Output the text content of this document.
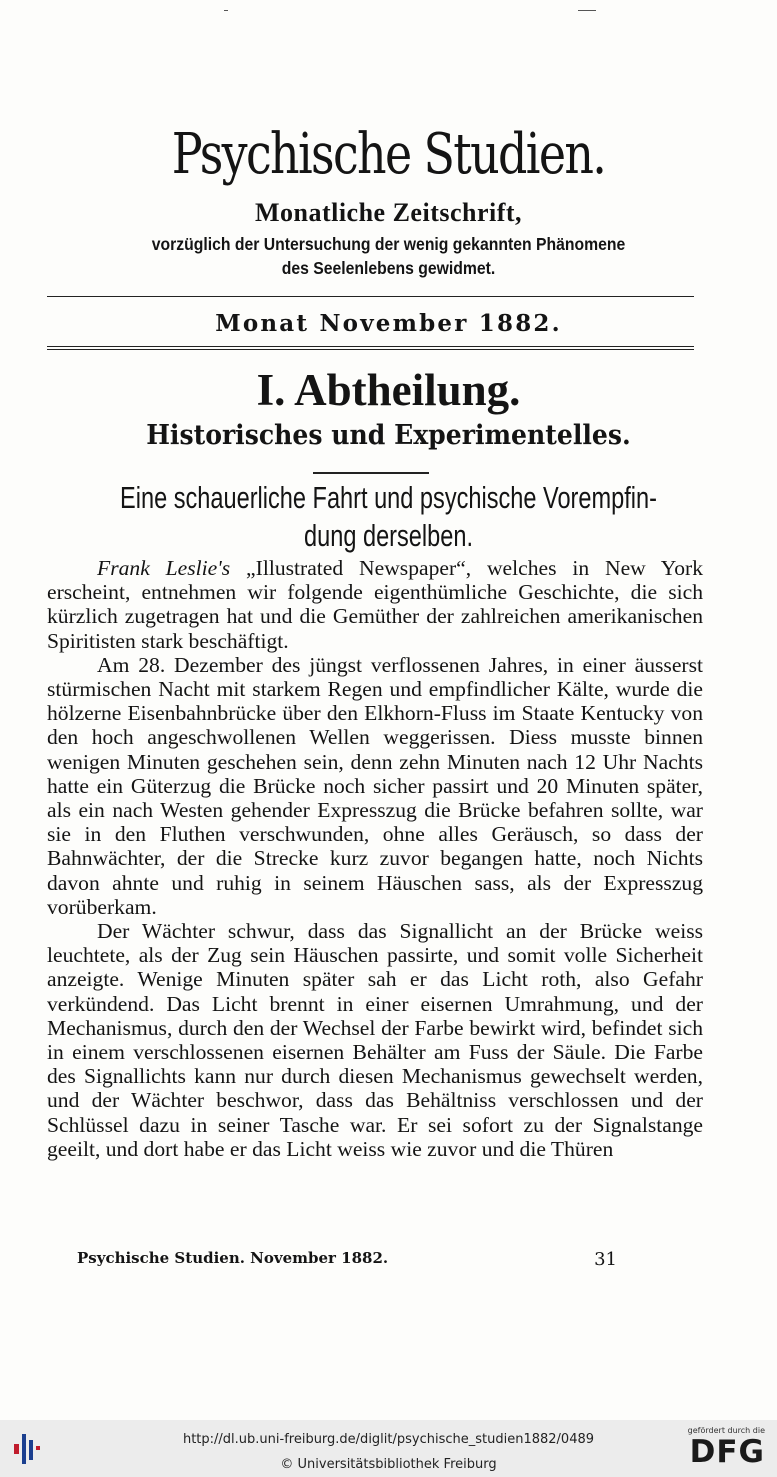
Psychische Studien.
Monatliche Zeitschrift,
vorzüglich der Untersuchung der wenig gekannten Phänomene
des Seelenlebens gewidmet.
Monat November 1882.
I. Abtheilung.
Historisches und Experimentelles.
Eine schauerliche Fahrt und psychische Vorempfin-
dung derselben.

Frank Leslie's „Illustrated Newspaper“, welches in New York erscheint, entnehmen wir folgende eigenthümliche Geschichte, die sich kürzlich zugetragen hat und die Gemüther der zahlreichen amerikanischen Spiritisten stark beschäftigt.

Am 28. Dezember des jüngst verflossenen Jahres, in einer äusserst stürmischen Nacht mit starkem Regen und empfindlicher Kälte, wurde die hölzerne Eisenbahnbrücke über den Elkhorn-Fluss im Staate Kentucky von den hoch angeschwollenen Wellen weggerissen. Diess musste binnen wenigen Minuten geschehen sein, denn zehn Minuten nach 12 Uhr Nachts hatte ein Güterzug die Brücke noch sicher passirt und 20 Minuten später, als ein nach Westen gehender Expresszug die Brücke befahren sollte, war sie in den Fluthen verschwunden, ohne alles Geräusch, so dass der Bahnwächter, der die Strecke kurz zuvor begangen hatte, noch Nichts davon ahnte und ruhig in seinem Häuschen sass, als der Expresszug vorüberkam.

Der Wächter schwur, dass das Signallicht an der Brücke weiss leuchtete, als der Zug sein Häuschen passirte, und somit volle Sicherheit anzeigte. Wenige Minuten später sah er das Licht roth, also Gefahr verkündend. Das Licht brennt in einer eisernen Umrahmung, und der Mechanismus, durch den der Wechsel der Farbe bewirkt wird, befindet sich in einem verschlossenen eisernen Behälter am Fuss der Säule. Die Farbe des Signallichts kann nur durch diesen Mechanismus gewechselt werden, und der Wächter beschwor, dass das Behältniss verschlossen und der Schlüssel dazu in seiner Tasche war. Er sei sofort zu der Signalstange geeilt, und dort habe er das Licht weiss wie zuvor und die Thüren

Psychische Studien. November 1882.	31
http://dl.ub.uni-freiburg.de/diglit/psychische_studien1882/0489
© Universitätsbibliothek Freiburg
gefördert durch die
DFG
